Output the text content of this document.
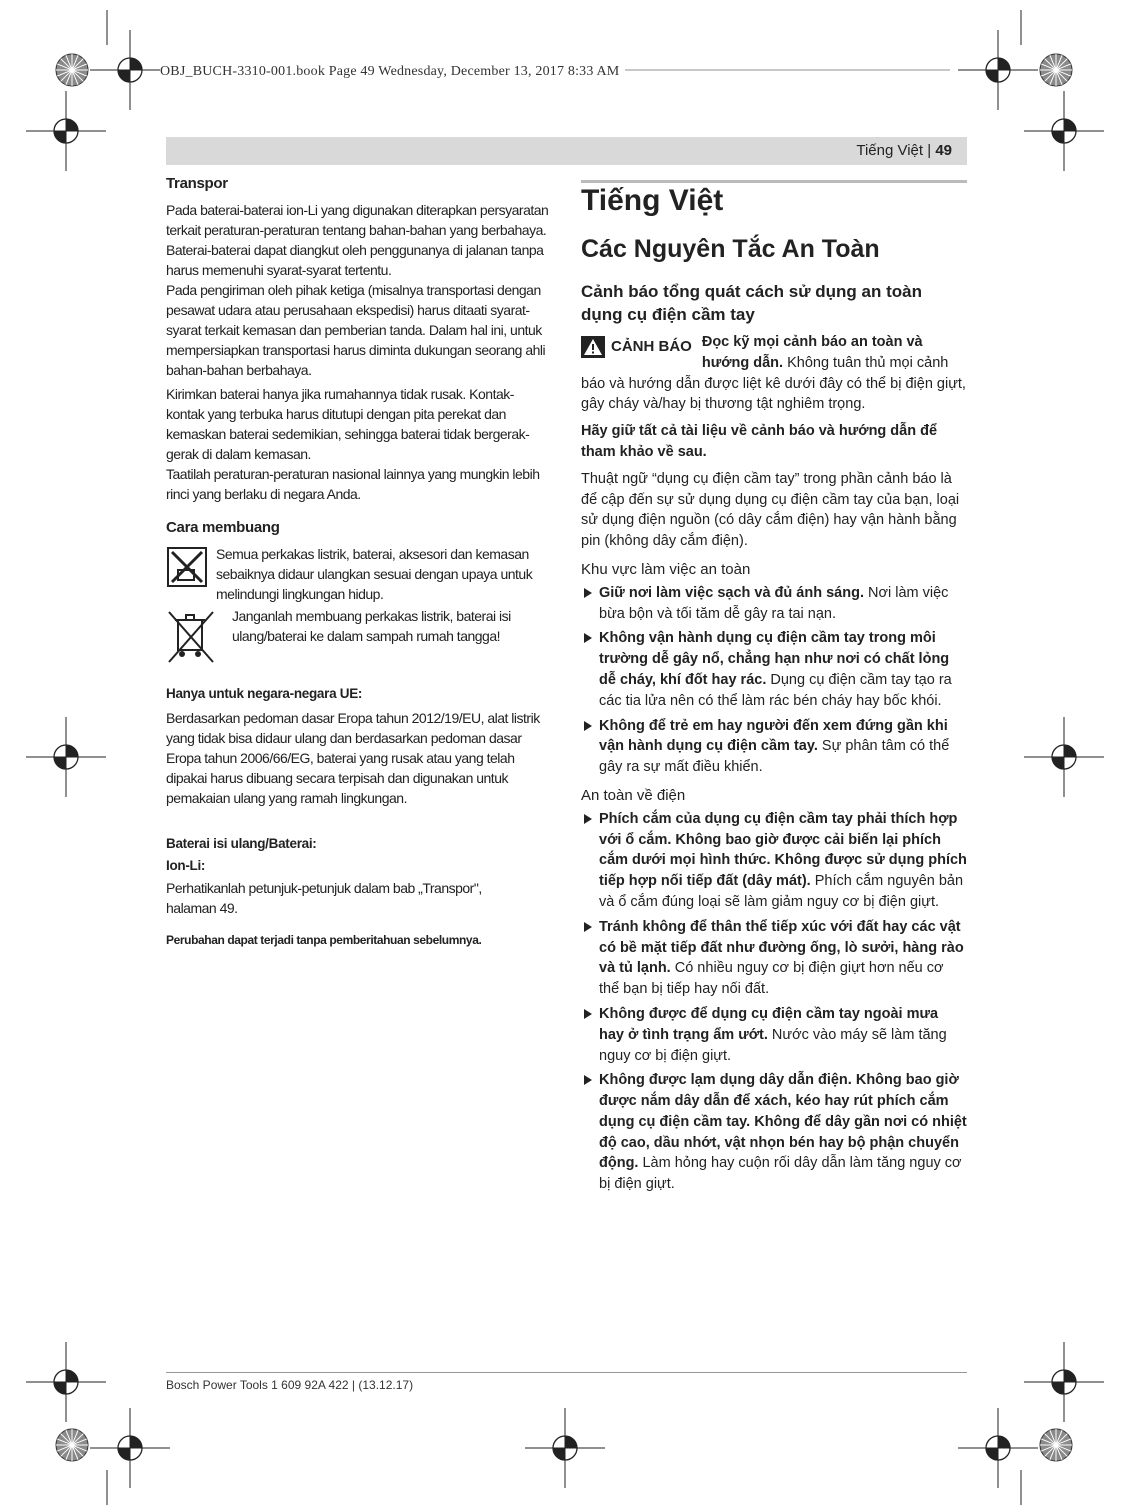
OBJ_BUCH-3310-001.book Page 49 Wednesday, December 13, 2017 8:33 AM
Tiếng Việt | 49
Transpor

Pada baterai-baterai ion-Li yang digunakan diterapkan persyaratan terkait peraturan-peraturan tentang bahan-bahan yang berbahaya. Baterai-baterai dapat diangkut oleh penggunanya di jalanan tanpa harus memenuhi syarat-syarat tertentu.

Pada pengiriman oleh pihak ketiga (misalnya transportasi dengan pesawat udara atau perusahaan ekspedisi) harus ditaati syarat-syarat terkait kemasan dan pemberian tanda. Dalam hal ini, untuk mempersiapkan transportasi harus diminta dukungan seorang ahli bahan-bahan berbahaya.

Kirimkan baterai hanya jika rumahannya tidak rusak. Kontak-kontak yang terbuka harus ditutupi dengan pita perekat dan kemaskan baterai sedemikian, sehingga baterai tidak bergerak-gerak di dalam kemasan.

Taatilah peraturan-peraturan nasional lainnya yang mungkin lebih rinci yang berlaku di negara Anda.

Cara membuang

Semua perkakas listrik, baterai, aksesori dan kemasan sebaiknya didaur ulangkan sesuai dengan upaya untuk melindungi lingkungan hidup.

Janganlah membuang perkakas listrik, baterai isi ulang/baterai ke dalam sampah rumah tangga!

Hanya untuk negara-negara UE:

Berdasarkan pedoman dasar Eropa tahun 2012/19/EU, alat listrik yang tidak bisa didaur ulang dan berdasarkan pedoman dasar Eropa tahun 2006/66/EG, baterai yang rusak atau yang telah dipakai harus dibuang secara terpisah dan digunakan untuk pemakaian ulang yang ramah lingkungan.

Baterai isi ulang/Baterai:
Ion-Li:

Perhatikanlah petunjuk-petunjuk dalam bab „Transpor", halaman 49.

Perubahan dapat terjadi tanpa pemberitahuan sebelumnya.

Tiếng Việt
Các Nguyên Tắc An Toàn
Cảnh báo tổng quát cách sử dụng an toàn dụng cụ điện cầm tay

CẢNH BÁO Đọc kỹ mọi cảnh báo an toàn và hướng dẫn. Không tuân thủ mọi cảnh báo và hướng dẫn được liệt kê dưới đây có thể bị điện giựt, gây cháy và/hay bị thương tật nghiêm trọng.

Hãy giữ tất cả tài liệu về cảnh báo và hướng dẫn để tham khảo về sau.

Thuật ngữ “dụng cụ điện cầm tay” trong phần cảnh báo là để cập đến sự sử dụng dụng cụ điện cầm tay của bạn, loại sử dụng điện nguồn (có dây cắm điện) hay vận hành bằng pin (không dây cắm điện).

Khu vực làm việc an toàn

Giữ nơi làm việc sạch và đủ ánh sáng. Nơi làm việc bừa bộn và tối tăm dễ gây ra tai nạn.

Không vận hành dụng cụ điện cầm tay trong môi trường dễ gây nổ, chẳng hạn như nơi có chất lỏng dễ cháy, khí đốt hay rác. Dụng cụ điện cầm tay tạo ra các tia lửa nên có thể làm rác bén cháy hay bốc khói.

Không để trẻ em hay người đến xem đứng gần khi vận hành dụng cụ điện cầm tay. Sự phân tâm có thể gây ra sự mất điều khiển.

An toàn về điện

Phích cắm của dụng cụ điện cầm tay phải thích hợp với ổ cắm. Không bao giờ được cải biến lại phích cắm dưới mọi hình thức. Không được sử dụng phích tiếp hợp nối tiếp đất (dây mát). Phích cắm nguyên bản và ổ cắm đúng loại sẽ làm giảm nguy cơ bị điện giựt.

Tránh không để thân thể tiếp xúc với đất hay các vật có bề mặt tiếp đất như đường ống, lò sưởi, hàng rào và tủ lạnh. Có nhiều nguy cơ bị điện giựt hơn nếu cơ thể bạn bị tiếp hay nối đất.

Không được để dụng cụ điện cầm tay ngoài mưa hay ở tình trạng ẩm ướt. Nước vào máy sẽ làm tăng nguy cơ bị điện giựt.

Không được lạm dụng dây dẫn điện. Không bao giờ được nắm dây dẫn để xách, kéo hay rút phích cắm dụng cụ điện cầm tay. Không để dây gần nơi có nhiệt độ cao, dầu nhớt, vật nhọn bén hay bộ phận chuyển động. Làm hỏng hay cuộn rối dây dẫn làm tăng nguy cơ bị điện giựt.

Bosch Power Tools 1 609 92A 422 | (13.12.17)
